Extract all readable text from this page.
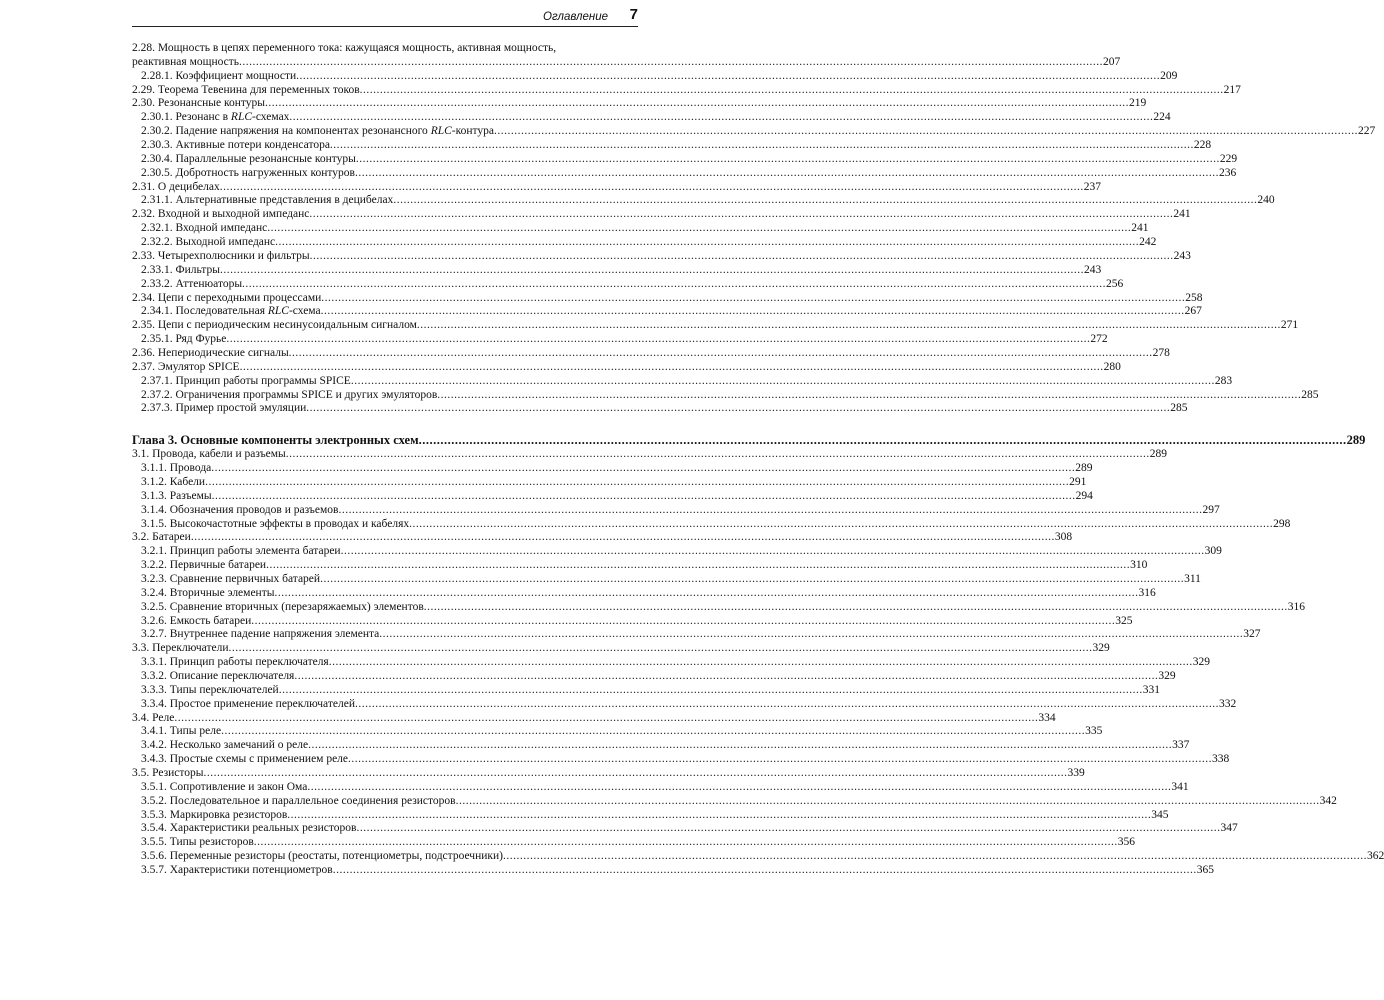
Оглавление 7
2.28. Мощность в цепях переменного тока: кажущаяся мощность, активная мощность,
реактивная мощность .....	207
2.28.1. Коэффициент мощности .....	209
2.29. Теорема Тевенина для переменных токов .....	217
2.30. Резонансные контуры .....	219
2.30.1. Резонанс в RLC-схемах .....	224
2.30.2. Падение напряжения на компонентах резонансного RLC-контура .....	227
2.30.3. Активные потери конденсатора .....	228
2.30.4. Параллельные резонансные контуры .....	229
2.30.5. Добротность нагруженных контуров .....	236
2.31. О децибелах .....	237
2.31.1. Альтернативные представления в децибелах .....	240
2.32. Входной и выходной импеданс .....	241
2.32.1. Входной импеданс .....	241
2.32.2. Выходной импеданс .....	242
2.33. Четырехполюсники и фильтры .....	243
2.33.1. Фильтры .....	243
2.33.2. Аттенюаторы .....	256
2.34. Цепи с переходными процессами .....	258
2.34.1. Последовательная RLC-схема .....	267
2.35. Цепи с периодическим несинусоидальным сигналом .....	271
2.35.1. Ряд Фурье .....	272
2.36. Непериодические сигналы .....	278
2.37. Эмулятор SPICE .....	280
2.37.1. Принцип работы программы SPICE .....	283
2.37.2. Ограничения программы SPICE и других эмуляторов .....	285
2.37.3. Пример простой эмуляции .....	285
Глава 3. Основные компоненты электронных схем .....	289
3.1. Провода, кабели и разъемы .....	289
3.1.1. Провода .....	289
3.1.2. Кабели .....	291
3.1.3. Разъемы .....	294
3.1.4. Обозначения проводов и разъемов .....	297
3.1.5. Высокочастотные эффекты в проводах и кабелях .....	298
3.2. Батареи .....	308
3.2.1. Принцип работы элемента батареи .....	309
3.2.2. Первичные батареи .....	310
3.2.3. Сравнение первичных батарей .....	311
3.2.4. Вторичные элементы .....	316
3.2.5. Сравнение вторичных (перезаряжаемых) элементов .....	316
3.2.6. Емкость батареи .....	325
3.2.7. Внутреннее падение напряжения элемента .....	327
3.3. Переключатели .....	329
3.3.1. Принцип работы переключателя .....	329
3.3.2. Описание переключателя .....	329
3.3.3. Типы переключателей .....	331
3.3.4. Простое применение переключателей .....	332
3.4. Реле .....	334
3.4.1. Типы реле .....	335
3.4.2. Несколько замечаний о реле .....	337
3.4.3. Простые схемы с применением реле .....	338
3.5. Резисторы .....	339
3.5.1. Сопротивление и закон Ома .....	341
3.5.2. Последовательное и параллельное соединения резисторов .....	342
3.5.3. Маркировка резисторов .....	345
3.5.4. Характеристики реальных резисторов .....	347
3.5.5. Типы резисторов .....	356
3.5.6. Переменные резисторы (реостаты, потенциометры, подстроечники) .....	362
3.5.7. Характеристики потенциометров .....	365
